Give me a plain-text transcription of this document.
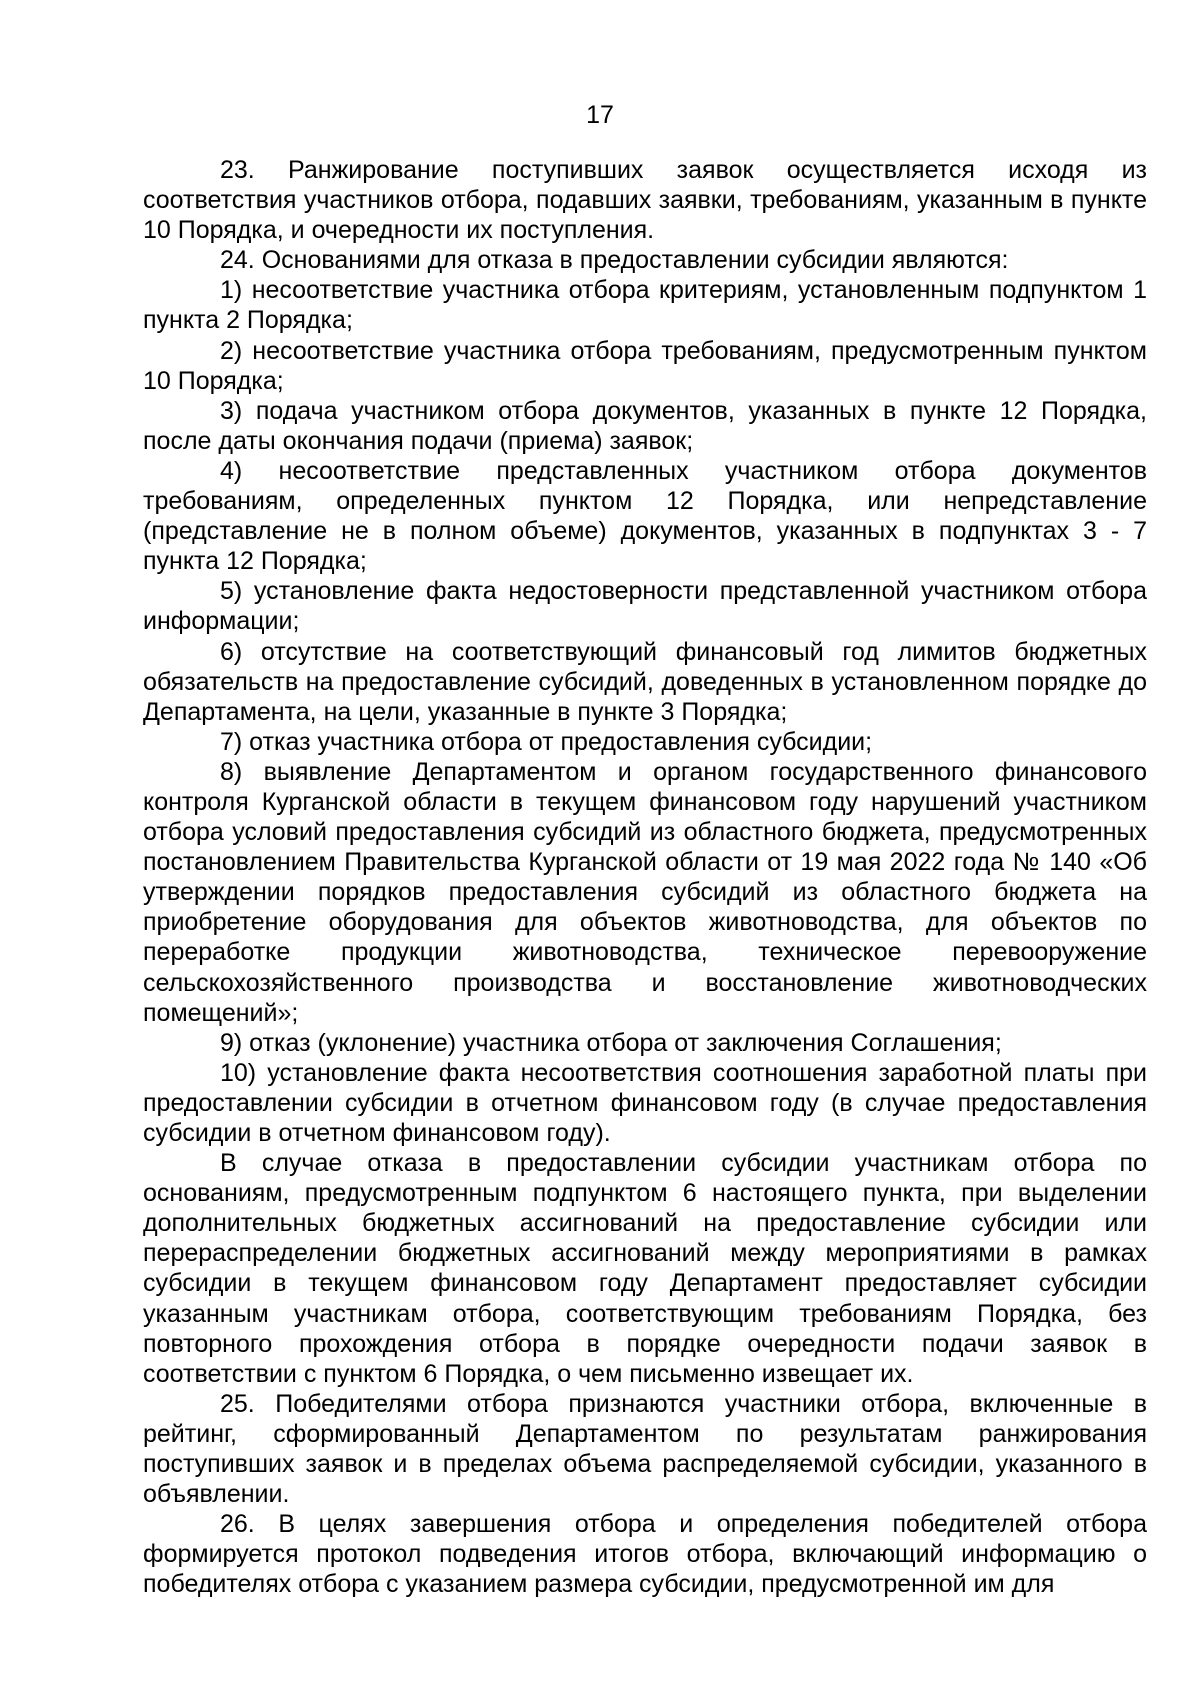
17

23. Ранжирование поступивших заявок осуществляется исходя из соответствия участников отбора, подавших заявки, требованиям, указанным в пункте 10 Порядка, и очередности их поступления.

24. Основаниями для отказа в предоставлении субсидии являются:

1) несоответствие участника отбора критериям, установленным подпунктом 1 пункта 2 Порядка;

2) несоответствие участника отбора требованиям, предусмотренным пунктом 10 Порядка;

3) подача участником отбора документов, указанных в пункте 12 Порядка, после даты окончания подачи (приема) заявок;

4) несоответствие представленных участником отбора документов требованиям, определенных пунктом 12 Порядка, или непредставление (представление не в полном объеме) документов, указанных в подпунктах 3 - 7 пункта 12 Порядка;

5) установление факта недостоверности представленной участником отбора информации;

6) отсутствие на соответствующий финансовый год лимитов бюджетных обязательств на предоставление субсидий, доведенных в установленном порядке до Департамента, на цели, указанные в пункте 3 Порядка;

7) отказ участника отбора от предоставления субсидии;

8) выявление Департаментом и органом государственного финансового контроля Курганской области в текущем финансовом году нарушений участником отбора условий предоставления субсидий из областного бюджета, предусмотренных постановлением Правительства Курганской области от 19 мая 2022 года № 140 «Об утверждении порядков предоставления субсидий из областного бюджета на приобретение оборудования для объектов животноводства, для объектов по переработке продукции животноводства, техническое перевооружение сельскохозяйственного производства и восстановление животноводческих помещений»;

9) отказ (уклонение) участника отбора от заключения Соглашения;

10) установление факта несоответствия соотношения заработной платы при предоставлении субсидии в отчетном финансовом году (в случае предоставления субсидии в отчетном финансовом году).

В случае отказа в предоставлении субсидии участникам отбора по основаниям, предусмотренным подпунктом 6 настоящего пункта, при выделении дополнительных бюджетных ассигнований на предоставление субсидии или перераспределении бюджетных ассигнований между мероприятиями в рамках субсидии в текущем финансовом году Департамент предоставляет субсидии указанным участникам отбора, соответствующим требованиям Порядка, без повторного прохождения отбора в порядке очередности подачи заявок в соответствии с пунктом 6 Порядка, о чем письменно извещает их.

25. Победителями отбора признаются участники отбора, включенные в рейтинг, сформированный Департаментом по результатам ранжирования поступивших заявок и в пределах объема распределяемой субсидии, указанного в объявлении.

26. В целях завершения отбора и определения победителей отбора формируется протокол подведения итогов отбора, включающий информацию о победителях отбора с указанием размера субсидии, предусмотренной им для
